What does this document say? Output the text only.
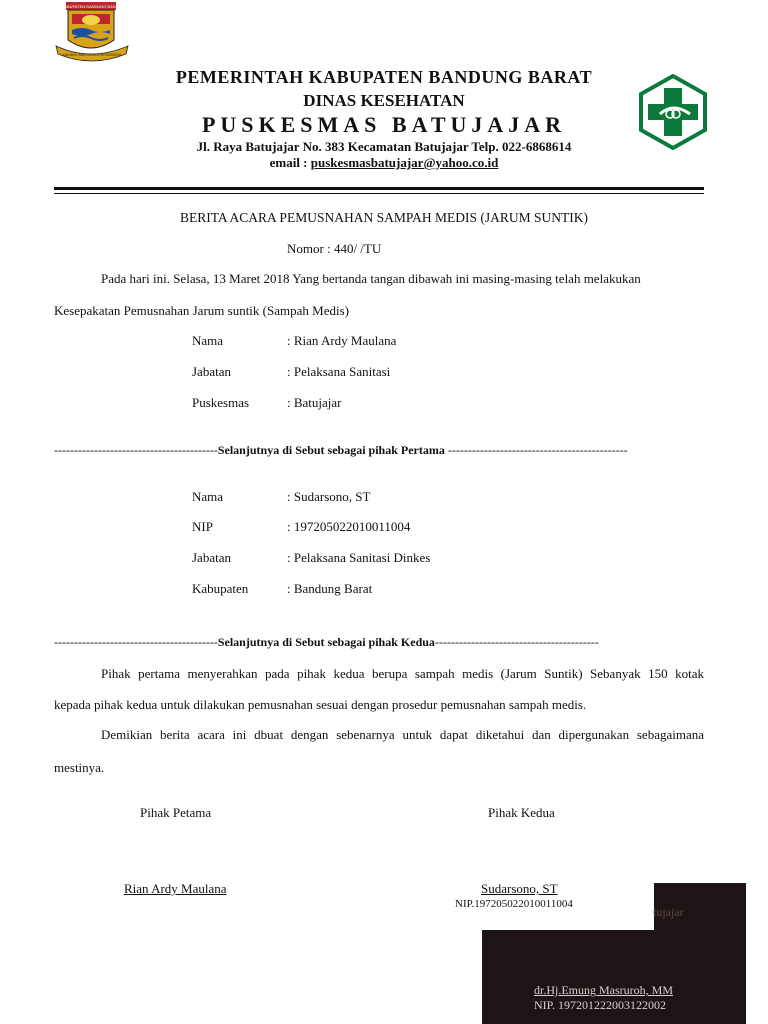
KABUPATEN BANDUNG BARAT
MAHAYU MAHYA KERTA RAHARJA
PEMERINTAH KABUPATEN BANDUNG BARAT
DINAS KESEHATAN
PUSKESMAS BATUJAJAR
Jl. Raya Batujajar No. 383 Kecamatan Batujajar Telp. 022-6868614
email : puskesmasbatujajar@yahoo.co.id
BERITA ACARA PEMUSNAHAN SAMPAH MEDIS (JARUM SUNTIK)
Nomor : 440/ /TU
Pada hari ini. Selasa, 13 Maret 2018 Yang bertanda tangan dibawah ini masing-masing telah melakukan
Kesepakatan Pemusnahan Jarum suntik (Sampah Medis)
Nama	: Rian Ardy Maulana
Jabatan	: Pelaksana Sanitasi
Puskesmas	: Batujajar
-----------------------------------------Selanjutnya di Sebut sebagai pihak Pertama ---------------------------------------------
Nama	: Sudarsono, ST
NIP	: 197205022010011004
Jabatan	: Pelaksana Sanitasi Dinkes
Kabupaten	: Bandung Barat
-----------------------------------------Selanjutnya di Sebut sebagai pihak Kedua-----------------------------------------
Pihak pertama menyerahkan pada pihak kedua berupa sampah medis (Jarum Suntik) Sebanyak 150 kotak
kepada pihak kedua untuk dilakukan pemusnahan sesuai dengan prosedur pemusnahan sampah medis.
Demikian berita acara ini dbuat dengan sebenarnya untuk dapat diketahui dan dipergunakan sebagaimana
mestinya.
Pihak Petama	Pihak Kedua
Rian Ardy Maulana	Sudarsono, ST
NIP.197205022010011004
tujajar
dr.Hj.Emung Masruroh, MM
NIP. 197201222003122002
